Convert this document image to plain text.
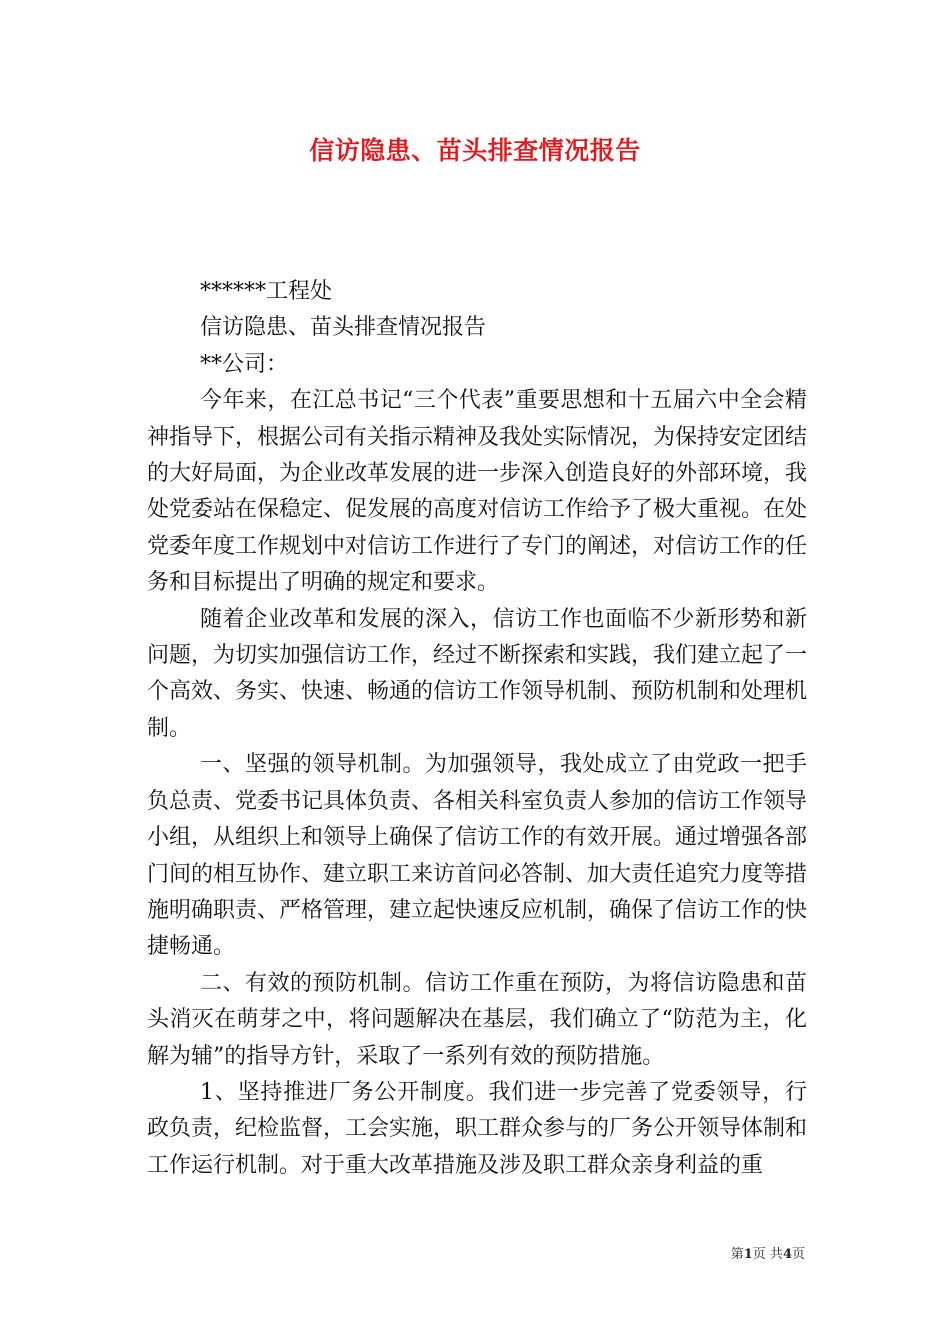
信访隐患、苗头排查情况报告

******工程处

信访隐患、苗头排查情况报告

**公司：

今年来，在江总书记“三个代表”重要思想和十五届六中全会精神指导下，根据公司有关指示精神及我处实际情况，为保持安定团结的大好局面，为企业改革发展的进一步深入创造良好的外部环境，我处党委站在保稳定、促发展的高度对信访工作给予了极大重视。在处党委年度工作规划中对信访工作进行了专门的阐述，对信访工作的任务和目标提出了明确的规定和要求。

随着企业改革和发展的深入，信访工作也面临不少新形势和新问题，为切实加强信访工作，经过不断探索和实践，我们建立起了一个高效、务实、快速、畅通的信访工作领导机制、预防机制和处理机制。

一、坚强的领导机制。为加强领导，我处成立了由党政一把手负总责、党委书记具体负责、各相关科室负责人参加的信访工作领导小组，从组织上和领导上确保了信访工作的有效开展。通过增强各部门间的相互协作、建立职工来访首问必答制、加大责任追究力度等措施明确职责、严格管理，建立起快速反应机制，确保了信访工作的快捷畅通。

二、有效的预防机制。信访工作重在预防，为将信访隐患和苗头消灭在萌芽之中，将问题解决在基层，我们确立了“防范为主，化解为辅”的指导方针，采取了一系列有效的预防措施。

1、坚持推进厂务公开制度。我们进一步完善了党委领导，行政负责，纪检监督，工会实施，职工群众参与的厂务公开领导体制和工作运行机制。对于重大改革措施及涉及职工群众亲身利益的重

第1页 共4页
